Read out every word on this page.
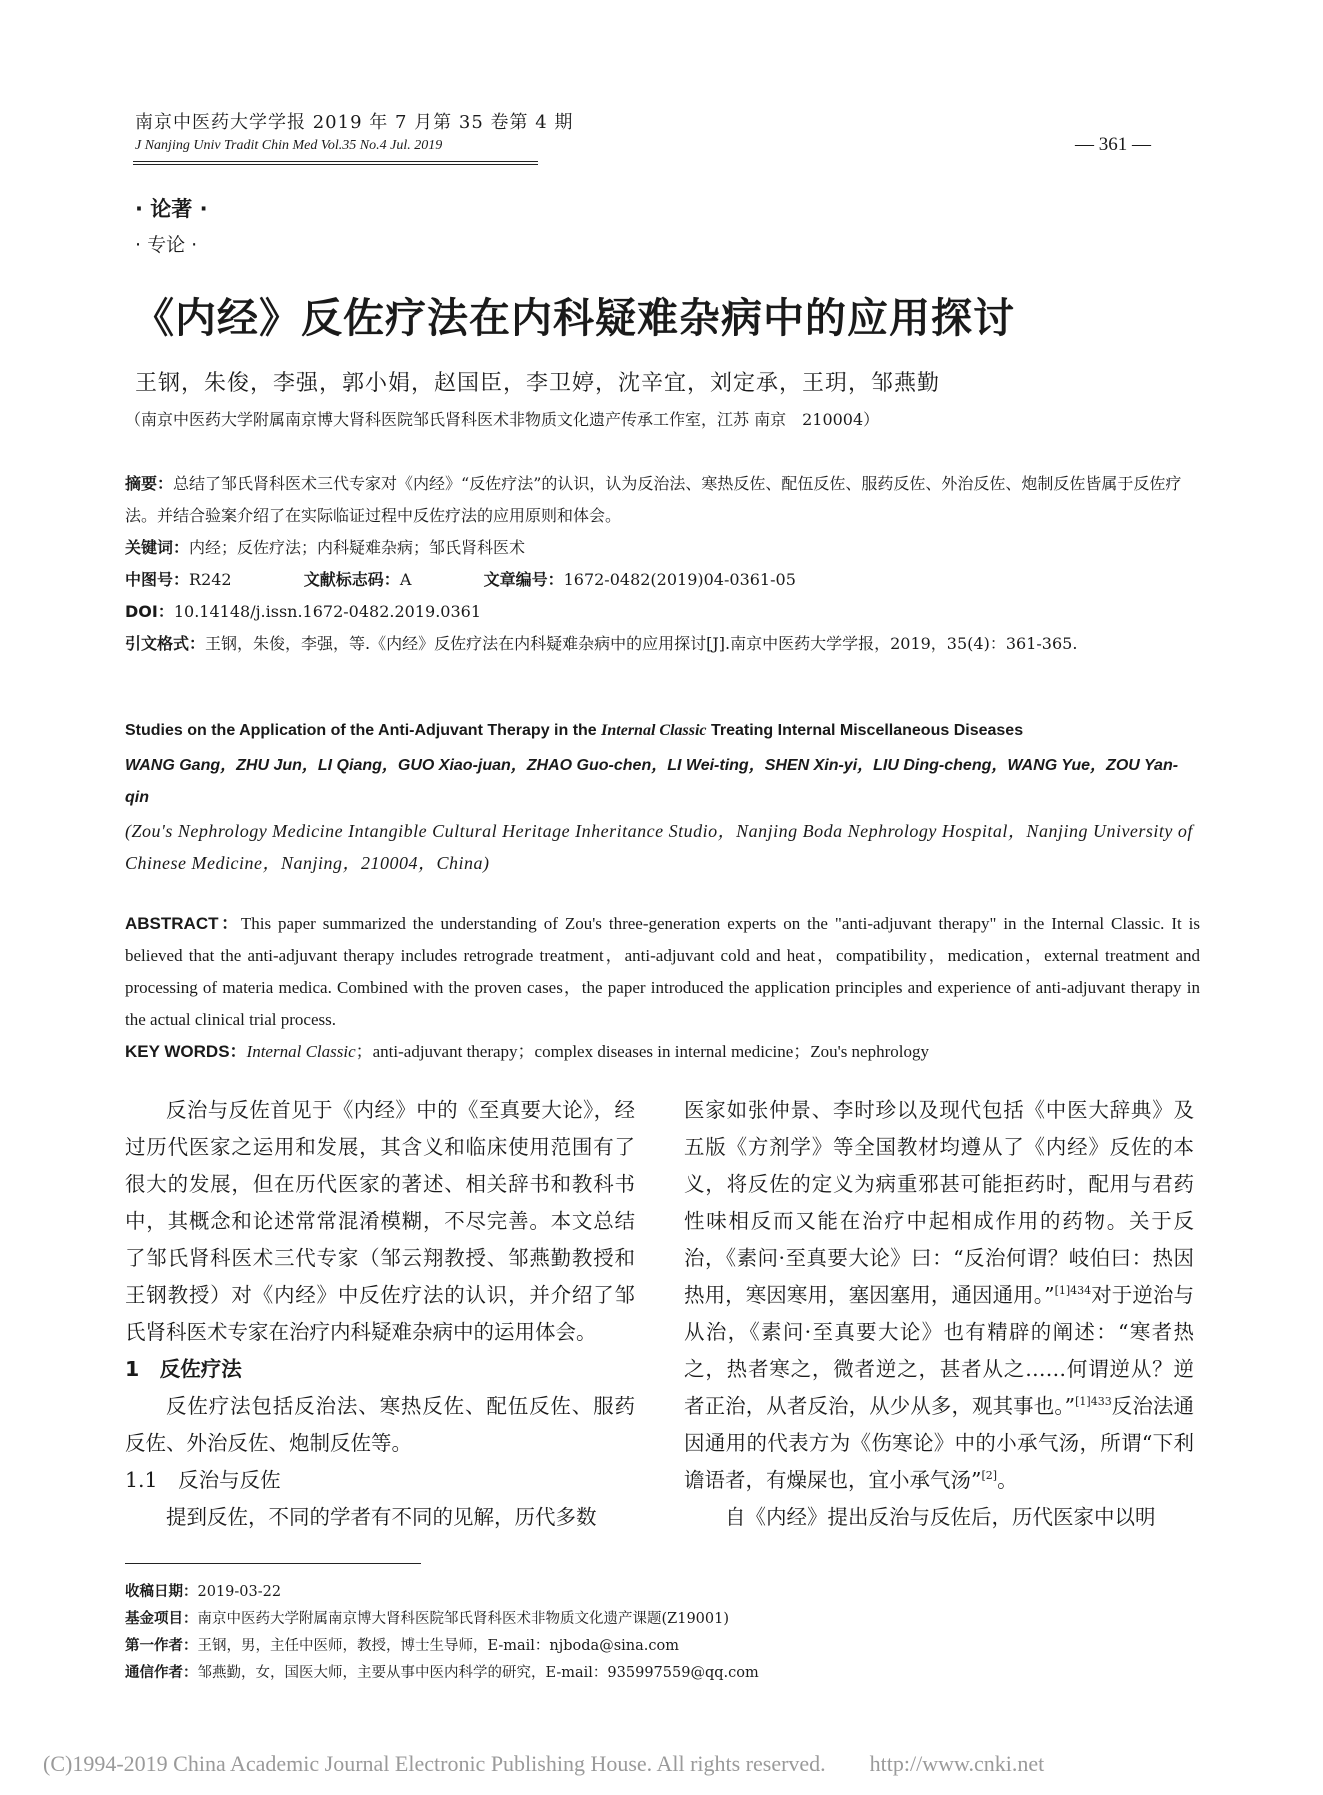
南京中医药大学学报 2019 年 7 月第 35 卷第 4 期
J Nanjing Univ Tradit Chin Med Vol.35 No.4 Jul. 2019	— 361 —
· 论著 ·
· 专论 ·
《内经》反佐疗法在内科疑难杂病中的应用探讨
王钢，朱俊，李强，郭小娟，赵国臣，李卫婷，沈辛宜，刘定承，王玥，邹燕勤
（南京中医药大学附属南京博大肾科医院邹氏肾科医术非物质文化遗产传承工作室，江苏 南京　210004）
摘要：总结了邹氏肾科医术三代专家对《内经》“反佐疗法”的认识，认为反治法、寒热反佐、配伍反佐、服药反佐、外治反佐、炮制反佐皆属于反佐疗法。并结合验案介绍了在实际临证过程中反佐疗法的应用原则和体会。
关键词：内经；反佐疗法；内科疑难杂病；邹氏肾科医术
中图号：R242	文献标志码：A	文章编号：1672-0482(2019)04-0361-05
DOI：10.14148/j.issn.1672-0482.2019.0361
引文格式：王钢，朱俊，李强，等.《内经》反佐疗法在内科疑难杂病中的应用探讨[J].南京中医药大学学报，2019，35(4)：361-365.
Studies on the Application of the Anti-Adjuvant Therapy in the Internal Classic Treating Internal Miscellaneous Diseases
WANG Gang，ZHU Jun，LI Qiang，GUO Xiao-juan，ZHAO Guo-chen，LI Wei-ting，SHEN Xin-yi，LIU Ding-cheng，WANG Yue，ZOU Yan-qin
(Zou's Nephrology Medicine Intangible Cultural Heritage Inheritance Studio，Nanjing Boda Nephrology Hospital，Nanjing University of Chinese Medicine，Nanjing，210004，China)
ABSTRACT：This paper summarized the understanding of Zou's three-generation experts on the "anti-adjuvant therapy" in the Internal Classic. It is believed that the anti-adjuvant therapy includes retrograde treatment，anti-adjuvant cold and heat，compatibility，medication，external treatment and processing of materia medica. Combined with the proven cases，the paper introduced the application principles and experience of anti-adjuvant therapy in the actual clinical trial process.
KEY WORDS：Internal Classic；anti-adjuvant therapy；complex diseases in internal medicine；Zou's nephrology
反治与反佐首见于《内经》中的《至真要大论》，经过历代医家之运用和发展，其含义和临床使用范围有了很大的发展，但在历代医家的著述、相关辞书和教科书中，其概念和论述常常混淆模糊，不尽完善。本文总结了邹氏肾科医术三代专家（邹云翔教授、邹燕勤教授和王钢教授）对《内经》中反佐疗法的认识，并介绍了邹氏肾科医术专家在治疗内科疑难杂病中的运用体会。
1　反佐疗法
反佐疗法包括反治法、寒热反佐、配伍反佐、服药反佐、外治反佐、炮制反佐等。
1.1　反治与反佐
提到反佐，不同的学者有不同的见解，历代多数
医家如张仲景、李时珍以及现代包括《中医大辞典》及五版《方剂学》等全国教材均遵从了《内经》反佐的本义，将反佐的定义为病重邪甚可能拒药时，配用与君药性味相反而又能在治疗中起相成作用的药物。关于反治，《素问·至真要大论》曰：“反治何谓？岐伯曰：热因热用，寒因寒用，塞因塞用，通因通用。”$^{[1]434}$对于逆治与从治，《素问·至真要大论》也有精辟的阐述：“寒者热之，热者寒之，微者逆之，甚者从之……何谓逆从？逆者正治，从者反治，从少从多，观其事也。”$^{[1]433}$反治法通因通用的代表方为《伤寒论》中的小承气汤，所谓“下利谵语者，有燥屎也，宜小承气汤”[2]。
自《内经》提出反治与反佐后，历代医家中以明
收稿日期：2019-03-22
基金项目：南京中医药大学附属南京博大肾科医院邹氏肾科医术非物质文化遗产课题(Z19001)
第一作者：王钢，男，主任中医师，教授，博士生导师，E-mail：njboda@sina.com
通信作者：邹燕勤，女，国医大师，主要从事中医内科学的研究，E-mail：935997559@qq.com
(C)1994-2019 China Academic Journal Electronic Publishing House. All rights reserved.　　http://www.cnki.net
